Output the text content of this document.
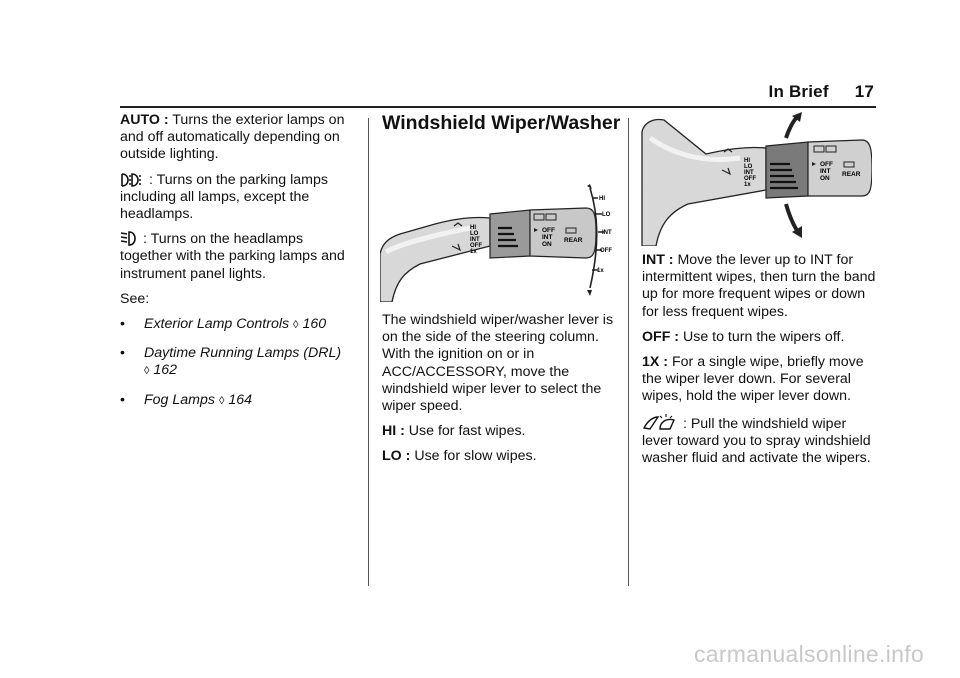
In Brief 17

AUTO : Turns the exterior lamps on and off automatically depending on outside lighting.

: Turns on the parking lamps including all lamps, except the headlamps.

: Turns on the headlamps together with the parking lamps and instrument panel lights.

See:

• Exterior Lamp Controls ◊ 160
• Daytime Running Lamps (DRL)
◊ 162
• Fog Lamps ◊ 164
Windshield Wiper/Washer
HI
LO
INT
OFF
1x
OFF
INT
ON
REAR
HI
LO
INT
OFF
1x

The windshield wiper/washer lever is on the side of the steering column. With the ignition on or in ACC/ACCESSORY, move the windshield wiper lever to select the wiper speed.

HI : Use for fast wipes.

LO : Use for slow wipes.

HI
LO
INT
OFF
1x
OFF
INT
ON
REAR

INT : Move the lever up to INT for intermittent wipes, then turn the band up for more frequent wipes or down for less frequent wipes.

OFF : Use to turn the wipers off.

1X : For a single wipe, briefly move the wiper lever down. For several wipes, hold the wiper lever down.

: Pull the windshield wiper lever toward you to spray windshield washer fluid and activate the wipers.

carmanualsonline.info
